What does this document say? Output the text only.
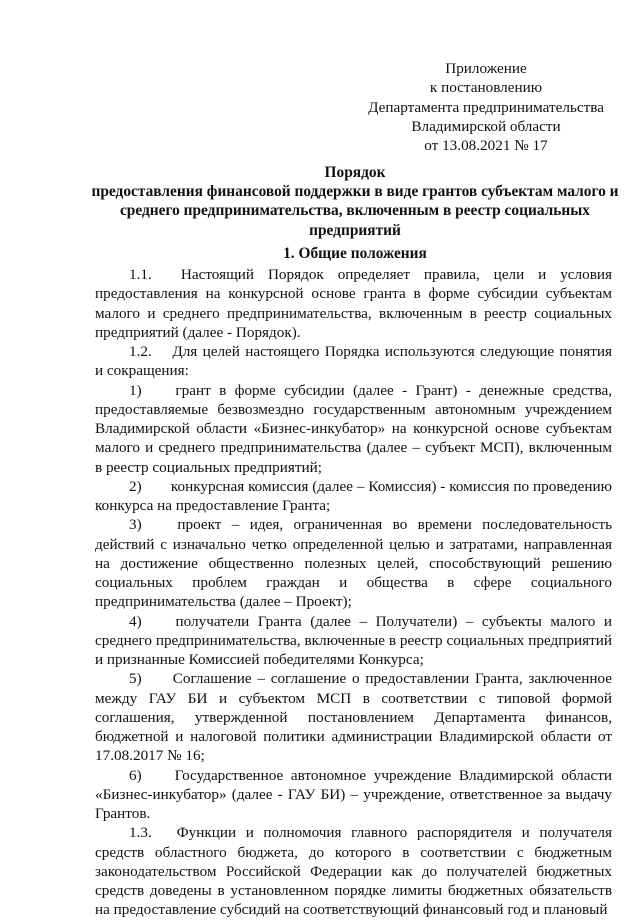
Приложение
к постановлению
Департамента предпринимательства
Владимирской области
от 13.08.2021 № 17
Порядок
предоставления финансовой поддержки в виде грантов субъектам малого и
среднего предпринимательства, включенным в реестр социальных
предприятий
1. Общие положения

1.1. Настоящий Порядок определяет правила, цели и условия предоставления на конкурсной основе гранта в форме субсидии субъектам малого и среднего предпринимательства, включенным в реестр социальных предприятий (далее - Порядок).

1.2. Для целей настоящего Порядка используются следующие понятия и сокращения:

1) грант в форме субсидии (далее - Грант) - денежные средства, предоставляемые безвозмездно государственным автономным учреждением Владимирской области «Бизнес-инкубатор» на конкурсной основе субъектам малого и среднего предпринимательства (далее – субъект МСП), включенным в реестр социальных предприятий;

2) конкурсная комиссия (далее – Комиссия) - комиссия по проведению конкурса на предоставление Гранта;

3) проект – идея, ограниченная во времени последовательность действий с изначально четко определенной целью и затратами, направленная на достижение общественно полезных целей, способствующий решению социальных проблем граждан и общества в сфере социального предпринимательства (далее – Проект);

4) получатели Гранта (далее – Получатели) – субъекты малого и среднего предпринимательства, включенные в реестр социальных предприятий и признанные Комиссией победителями Конкурса;

5) Соглашение – соглашение о предоставлении Гранта, заключенное между ГАУ БИ и субъектом МСП в соответствии с типовой формой соглашения, утвержденной постановлением Департамента финансов, бюджетной и налоговой политики администрации Владимирской области от 17.08.2017 № 16;

6) Государственное автономное учреждение Владимирской области «Бизнес-инкубатор» (далее - ГАУ БИ) – учреждение, ответственное за выдачу Грантов.

1.3. Функции и полномочия главного распорядителя и получателя средств областного бюджета, до которого в соответствии с бюджетным законодательством Российской Федерации как до получателей бюджетных средств доведены в установленном порядке лимиты бюджетных обязательств на предоставление субсидий на соответствующий финансовый год и плановый
